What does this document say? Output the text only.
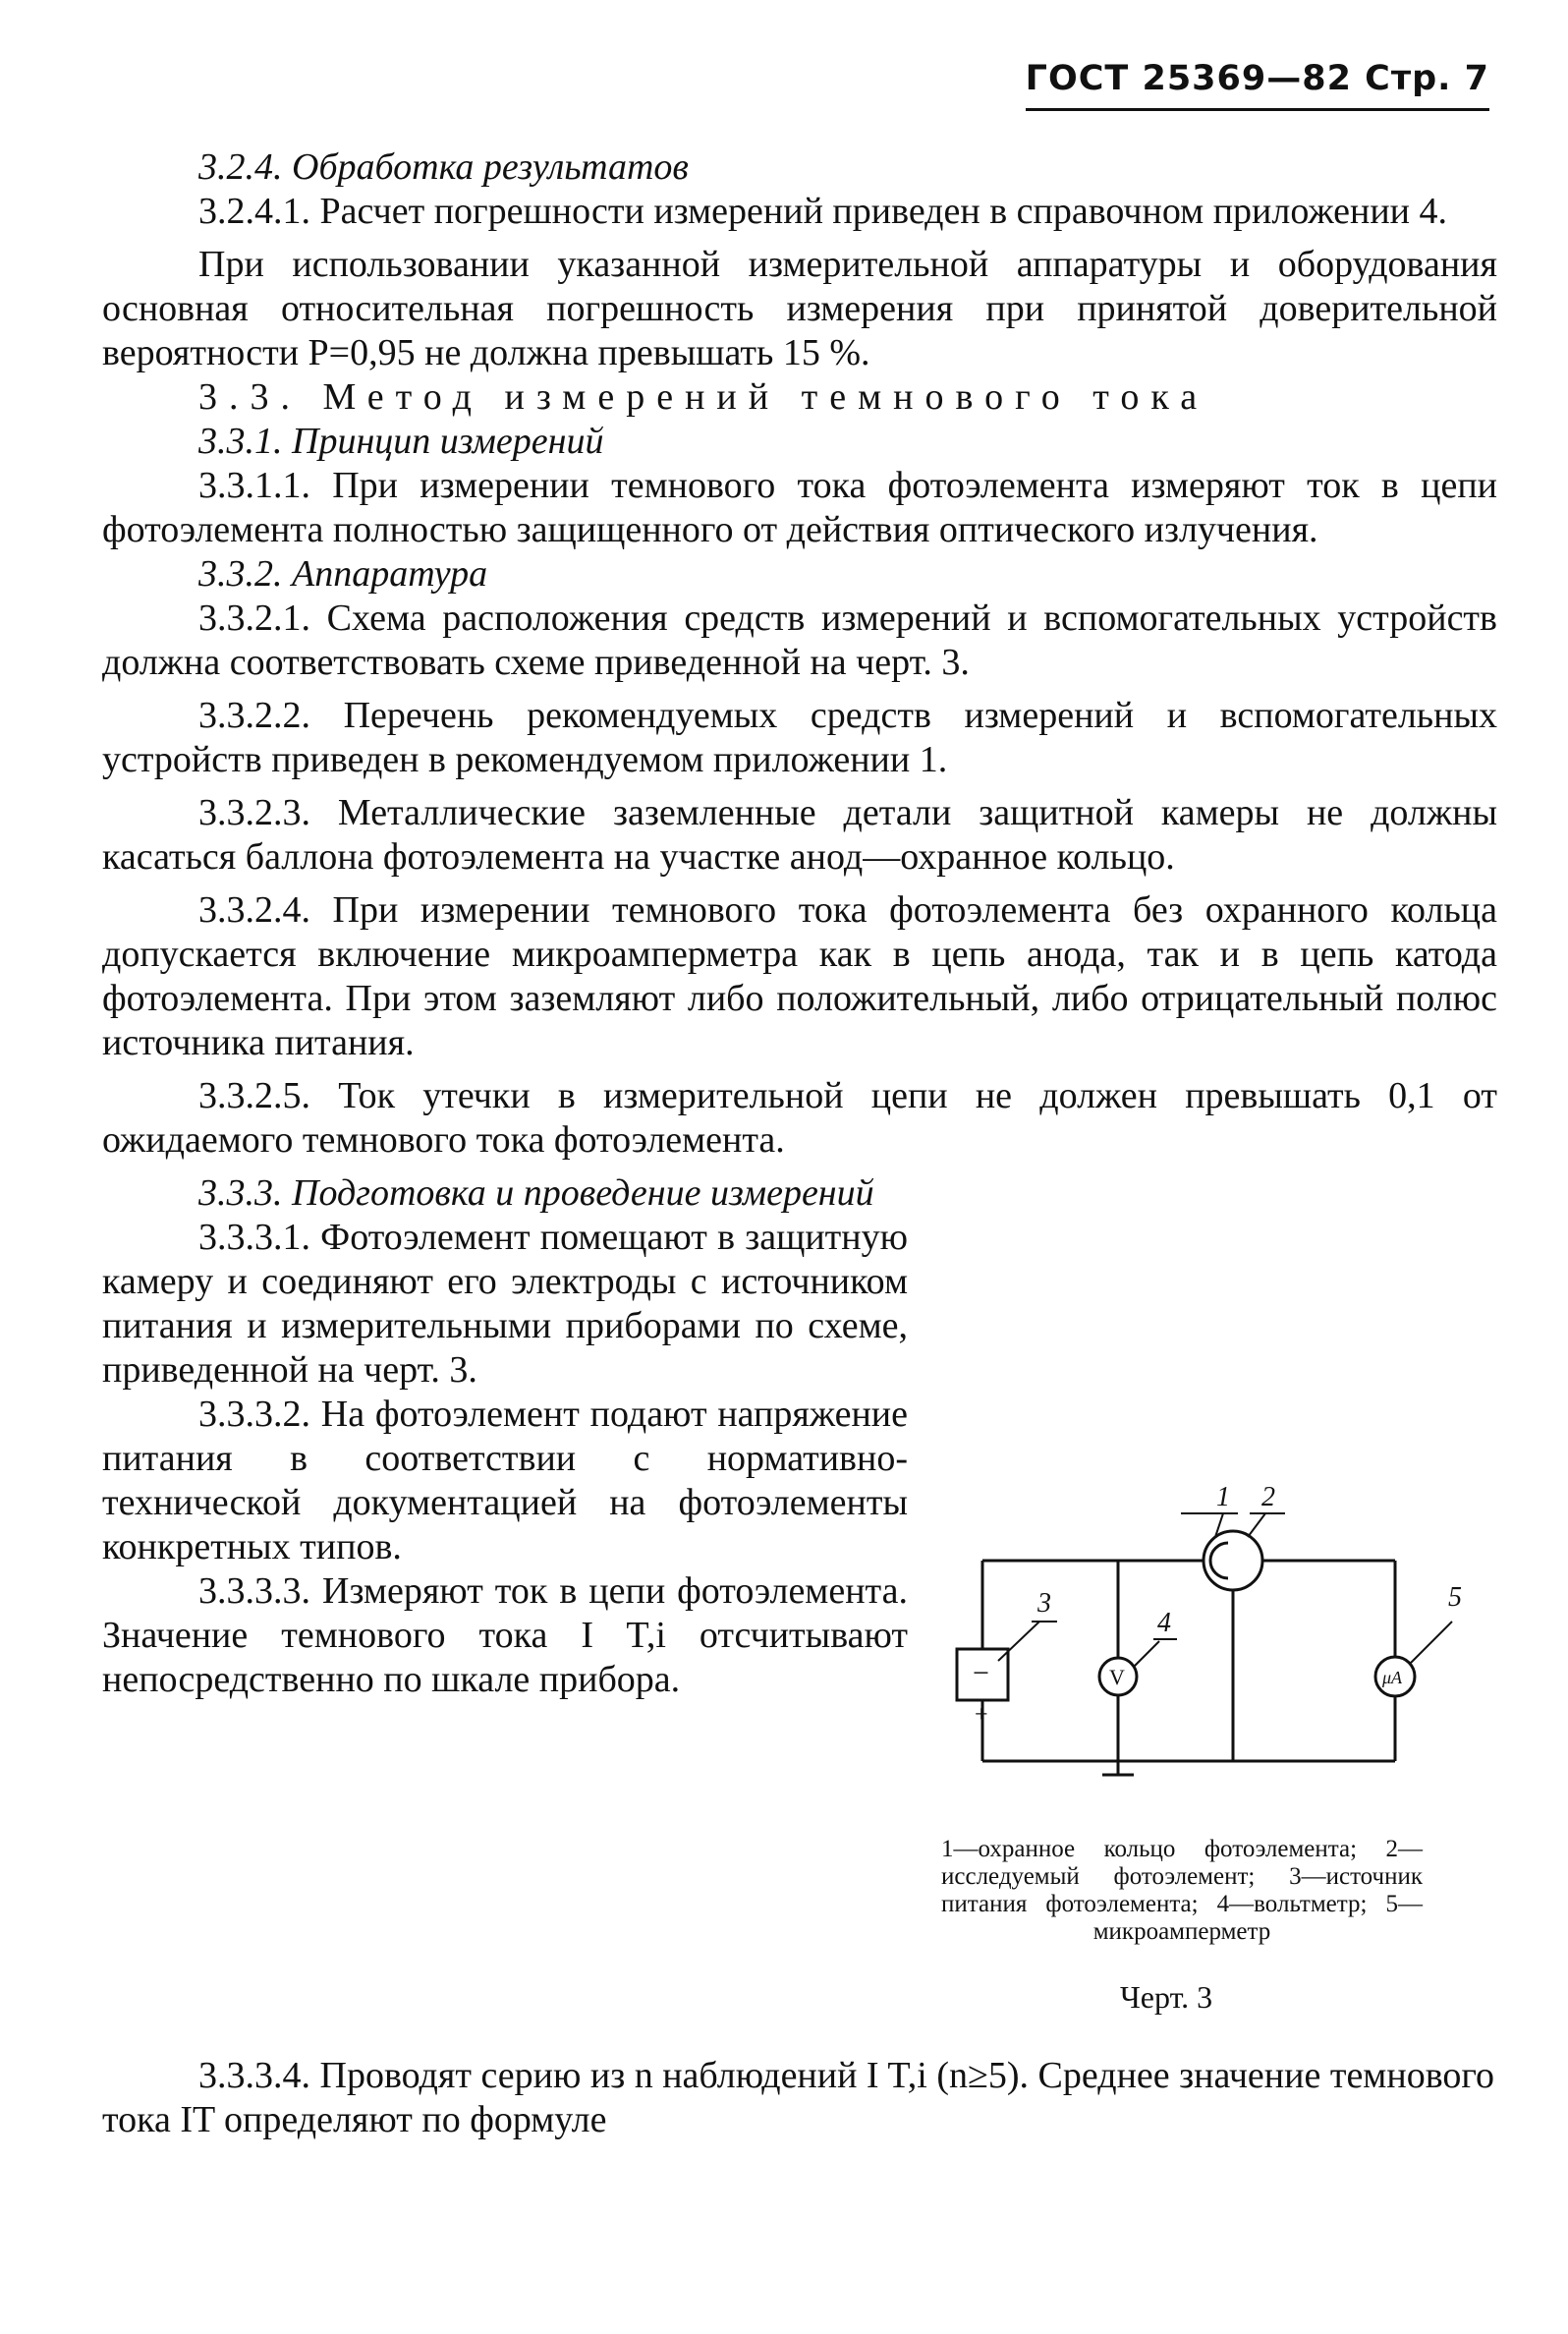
ГОСТ 25369—82 Стр. 7

3.2.4. Обработка результатов

3.2.4.1. Расчет погрешности измерений приведен в справочном приложении 4.

При использовании указанной измерительной аппаратуры и оборудования основная относительная погрешность измерения при принятой доверительной вероятности Р=0,95 не должна превышать 15 %.

3.3. Метод измерений темнового тока

3.3.1. Принцип измерений

3.3.1.1. При измерении темнового тока фотоэлемента измеряют ток в цепи фотоэлемента полностью защищенного от действия оптического излучения.

3.3.2. Аппаратура

3.3.2.1. Схема расположения средств измерений и вспомогательных устройств должна соответствовать схеме приведенной на черт. 3.

3.3.2.2. Перечень рекомендуемых средств измерений и вспомогательных устройств приведен в рекомендуемом приложении 1.

3.3.2.3. Металлические заземленные детали защитной камеры не должны касаться баллона фотоэлемента на участке анод—охранное кольцо.

3.3.2.4. При измерении темнового тока фотоэлемента без охранного кольца допускается включение микроамперметра как в цепь анода, так и в цепь катода фотоэлемента. При этом заземляют либо положительный, либо отрицательный полюс источника питания.

3.3.2.5. Ток утечки в измерительной цепи не должен превышать 0,1 от ожидаемого темнового тока фотоэлемента.

3.3.3. Подготовка и проведение измерений

3.3.3.1. Фотоэлемент помещают в защитную камеру и соединяют его электроды с источником питания и измерительными приборами по схеме, приведенной на черт. 3.

3.3.3.2. На фотоэлемент подают напряжение питания в соответствии с нормативно-технической документацией на фотоэлементы конкретных типов.

3.3.3.3. Измеряют ток в цепи фотоэлемента. Значение темнового тока I T,i отсчитывают непосредственно по шкале прибора.

1 2
3
4
5
V	μA
−
+
1—охранное кольцо фотоэлемента; 2—исследуемый фотоэлемент; 3—источник питания фотоэлемента; 4—вольтметр; 5—микроамперметр
Черт. 3

3.3.3.4. Проводят серию из n наблюдений I T,i (n≥5). Среднее значение темнового тока IT определяют по формуле
